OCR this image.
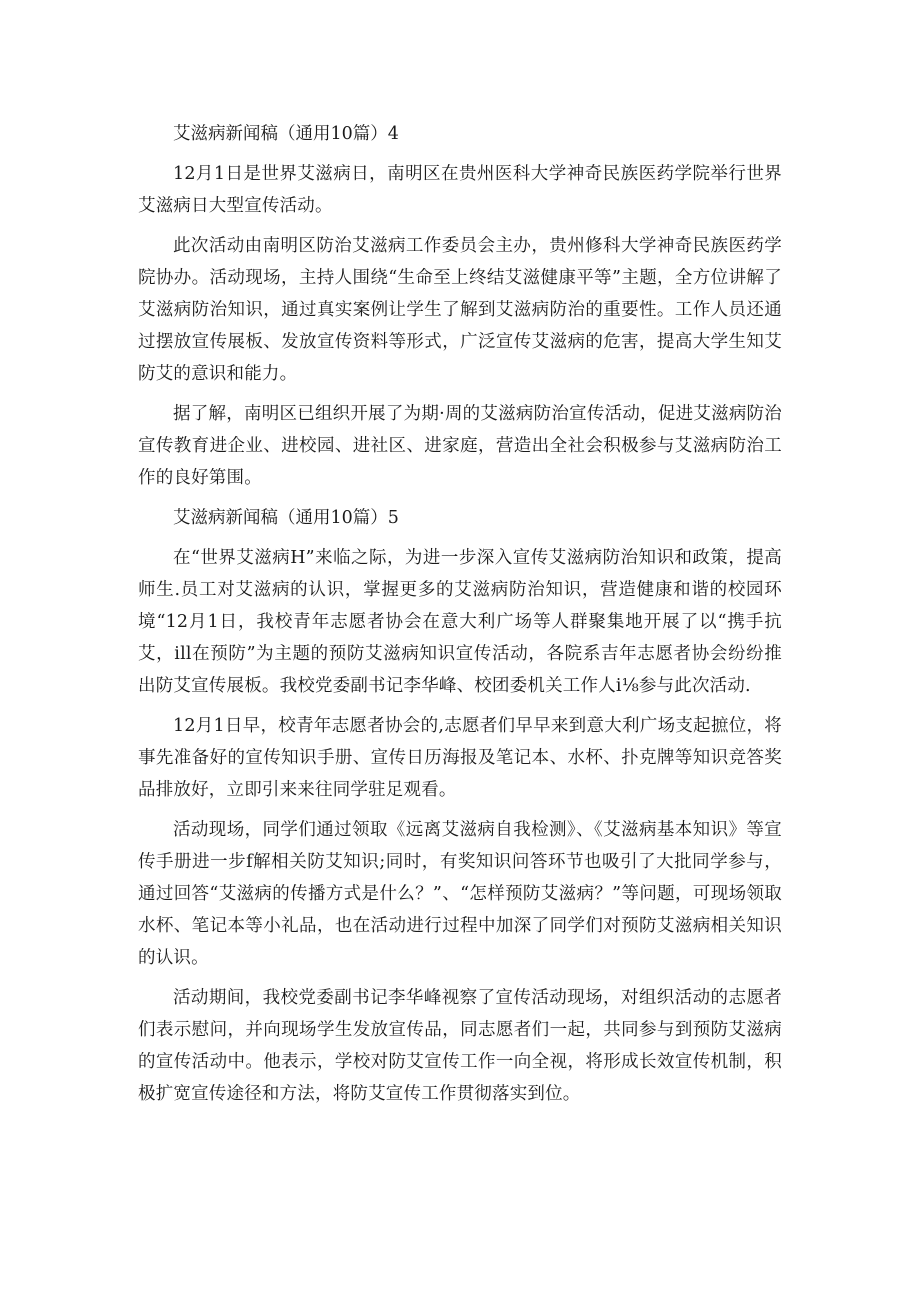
艾滋病新闻稿（通用10篇）4

12月1日是世界艾滋病日，南明区在贵州医科大学神奇民族医药学院举行世界艾滋病日大型宣传活动。

此次活动由南明区防治艾滋病工作委员会主办，贵州修科大学神奇民族医药学院协办。活动现场，主持人围绕“生命至上终结艾滋健康平等”主题，全方位讲解了艾滋病防治知识，通过真实案例让学生了解到艾滋病防治的重要性。工作人员还通过摆放宣传展板、发放宣传资料等形式，广泛宣传艾滋病的危害，提高大学生知艾防艾的意识和能力。

据了解，南明区已组织开展了为期·周的艾滋病防治宣传活动，促进艾滋病防治宣传教育进企业、进校园、进社区、进家庭，营造出全社会积极参与艾滋病防治工作的良好第围。

艾滋病新闻稿（通用10篇）5

在“世界艾滋病H”来临之际，为进一步深入宣传艾滋病防治知识和政策，提高师生.员工对艾滋病的认识，掌握更多的艾滋病防治知识，营造健康和谐的校园环境“12月1日，我校青年志愿者协会在意大利广场等人群聚集地开展了以“携手抗艾，ill在预防”为主题的预防艾滋病知识宣传活动，各院系吉年志愿者协会纷纷推出防艾宣传展板。我校党委副书记李华峰、校团委机关工作人i⅛参与此次活动.

12月1日早，校青年志愿者协会的,志愿者们早早来到意大利广场支起摭位，将事先准备好的宣传知识手册、宣传日历海报及笔记本、水杯、扑克牌等知识竞答奖品排放好，立即引来来往同学驻足观看。

活动现场，同学们通过领取《远离艾滋病自我检测》、《艾滋病基本知识》等宣传手册进一步f解相关防艾知识;同时，有奖知识问答环节也吸引了大批同学参与，通过回答“艾滋病的传播方式是什么？”、“怎样预防艾滋病？”等问题，可现场领取水杯、笔记本等小礼品，也在活动进行过程中加深了同学们对预防艾滋病相关知识的认识。

活动期间，我校党委副书记李华峰视察了宣传活动现场，对组织活动的志愿者们表示慰问，并向现场学生发放宣传品，同志愿者们一起，共同参与到预防艾滋病的宣传活动中。他表示，学校对防艾宣传工作一向全视，将形成长效宣传机制，积极扩宽宣传途径和方法，将防艾宣传工作贯彻落实到位。
